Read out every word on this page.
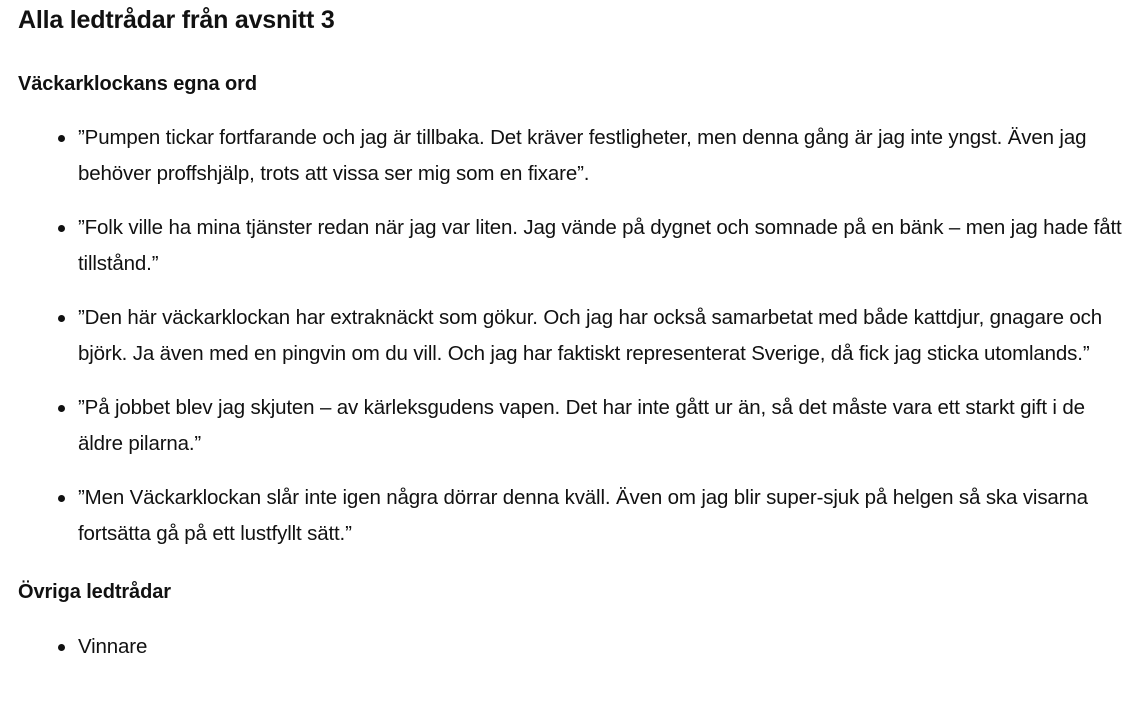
Alla ledtrådar från avsnitt 3
Väckarklockans egna ord
”Pumpen tickar fortfarande och jag är tillbaka. Det kräver festligheter, men denna gång är jag inte yngst. Även jag behöver proffshjälp, trots att vissa ser mig som en fixare”.
”Folk ville ha mina tjänster redan när jag var liten. Jag vände på dygnet och somnade på en bänk – men jag hade fått tillstånd.”
”Den här väckarklockan har extraknäckt som gökur. Och jag har också samarbetat med både kattdjur, gnagare och björk. Ja även med en pingvin om du vill. Och jag har faktiskt representerat Sverige, då fick jag sticka utomlands.”
”På jobbet blev jag skjuten – av kärleksgudens vapen. Det har inte gått ur än, så det måste vara ett starkt gift i de äldre pilarna.”
”Men Väckarklockan slår inte igen några dörrar denna kväll. Även om jag blir super-sjuk på helgen så ska visarna fortsätta gå på ett lustfyllt sätt.”
Övriga ledtrådar
Vinnare
